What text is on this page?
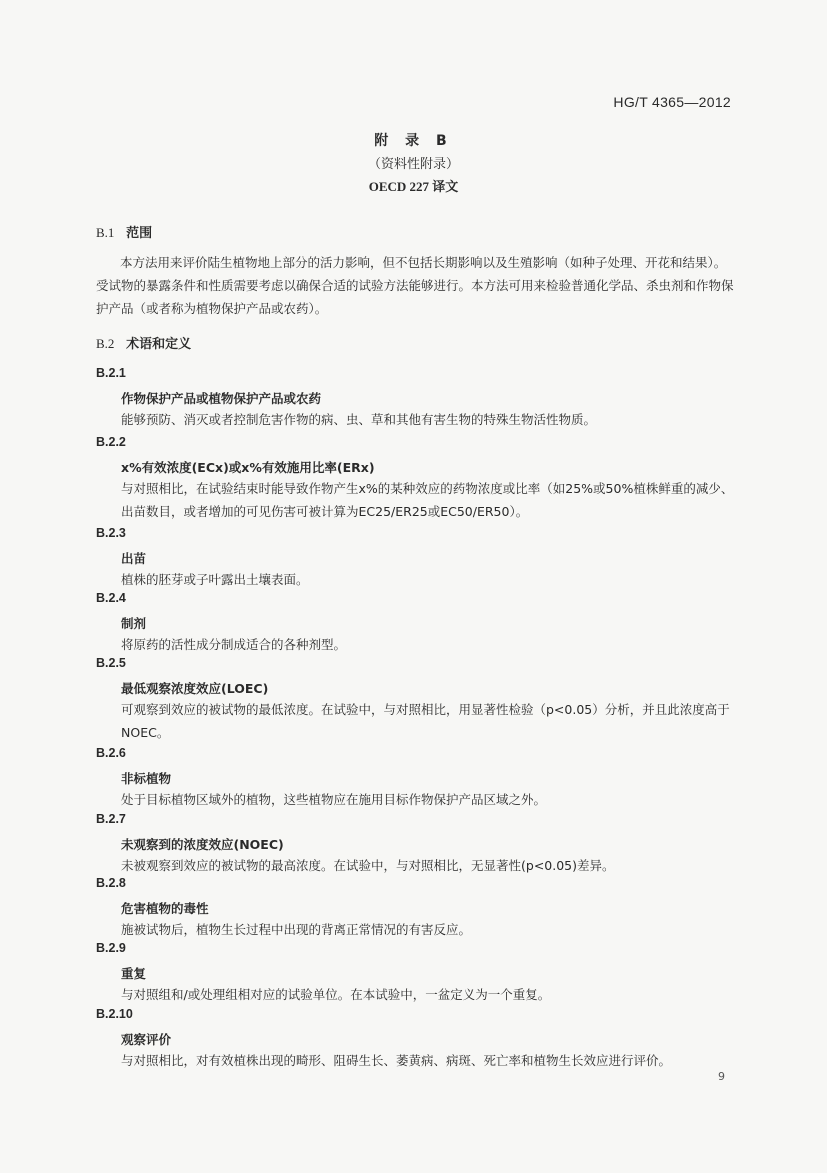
HG/T 4365—2012
附 录 B
（资料性附录）
OECD 227 译文
B.1 范围
本方法用来评价陆生植物地上部分的活力影响，但不包括长期影响以及生殖影响（如种子处理、开花和结果）。受试物的暴露条件和性质需要考虑以确保合适的试验方法能够进行。本方法可用来检验普通化学品、杀虫剂和作物保护产品（或者称为植物保护产品或农药）。
B.2 术语和定义
B.2.1
作物保护产品或植物保护产品或农药
能够预防、消灭或者控制危害作物的病、虫、草和其他有害生物的特殊生物活性物质。
B.2.2
x%有效浓度(ECx)或x%有效施用比率(ERx)
与对照相比，在试验结束时能导致作物产生x%的某种效应的药物浓度或比率（如25%或50%植株鲜重的减少、出苗数目，或者增加的可见伤害可被计算为EC25/ER25或EC50/ER50）。
B.2.3
出苗
植株的胚芽或子叶露出土壤表面。
B.2.4
制剂
将原药的活性成分制成适合的各种剂型。
B.2.5
最低观察浓度效应(LOEC)
可观察到效应的被试物的最低浓度。在试验中，与对照相比，用显著性检验（p<0.05）分析，并且此浓度高于NOEC。
B.2.6
非标植物
处于目标植物区域外的植物，这些植物应在施用目标作物保护产品区域之外。
B.2.7
未观察到的浓度效应(NOEC)
未被观察到效应的被试物的最高浓度。在试验中，与对照相比，无显著性(p<0.05)差异。
B.2.8
危害植物的毒性
施被试物后，植物生长过程中出现的背离正常情况的有害反应。
B.2.9
重复
与对照组和/或处理组相对应的试验单位。在本试验中，一盆定义为一个重复。
B.2.10
观察评价
与对照相比，对有效植株出现的畸形、阻碍生长、萎黄病、病斑、死亡率和植物生长效应进行评价。
9
